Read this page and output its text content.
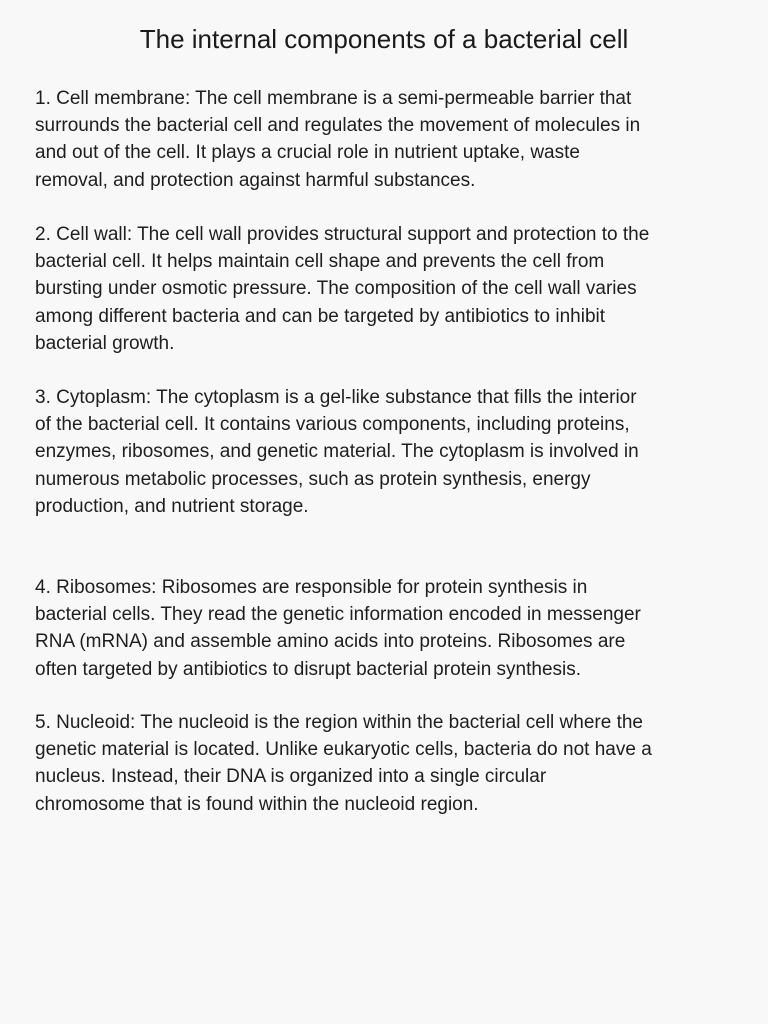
The internal components of a bacterial cell

1. Cell membrane: The cell membrane is a semi-permeable barrier that
surrounds the bacterial cell and regulates the movement of molecules in
and out of the cell. It plays a crucial role in nutrient uptake, waste
removal, and protection against harmful substances.

2. Cell wall: The cell wall provides structural support and protection to the
bacterial cell. It helps maintain cell shape and prevents the cell from
bursting under osmotic pressure. The composition of the cell wall varies
among different bacteria and can be targeted by antibiotics to inhibit
bacterial growth.

3. Cytoplasm: The cytoplasm is a gel-like substance that fills the interior
of the bacterial cell. It contains various components, including proteins,
enzymes, ribosomes, and genetic material. The cytoplasm is involved in
numerous metabolic processes, such as protein synthesis, energy
production, and nutrient storage.

4. Ribosomes: Ribosomes are responsible for protein synthesis in
bacterial cells. They read the genetic information encoded in messenger
RNA (mRNA) and assemble amino acids into proteins. Ribosomes are
often targeted by antibiotics to disrupt bacterial protein synthesis.

5. Nucleoid: The nucleoid is the region within the bacterial cell where the
genetic material is located. Unlike eukaryotic cells, bacteria do not have a
nucleus. Instead, their DNA is organized into a single circular
chromosome that is found within the nucleoid region.
